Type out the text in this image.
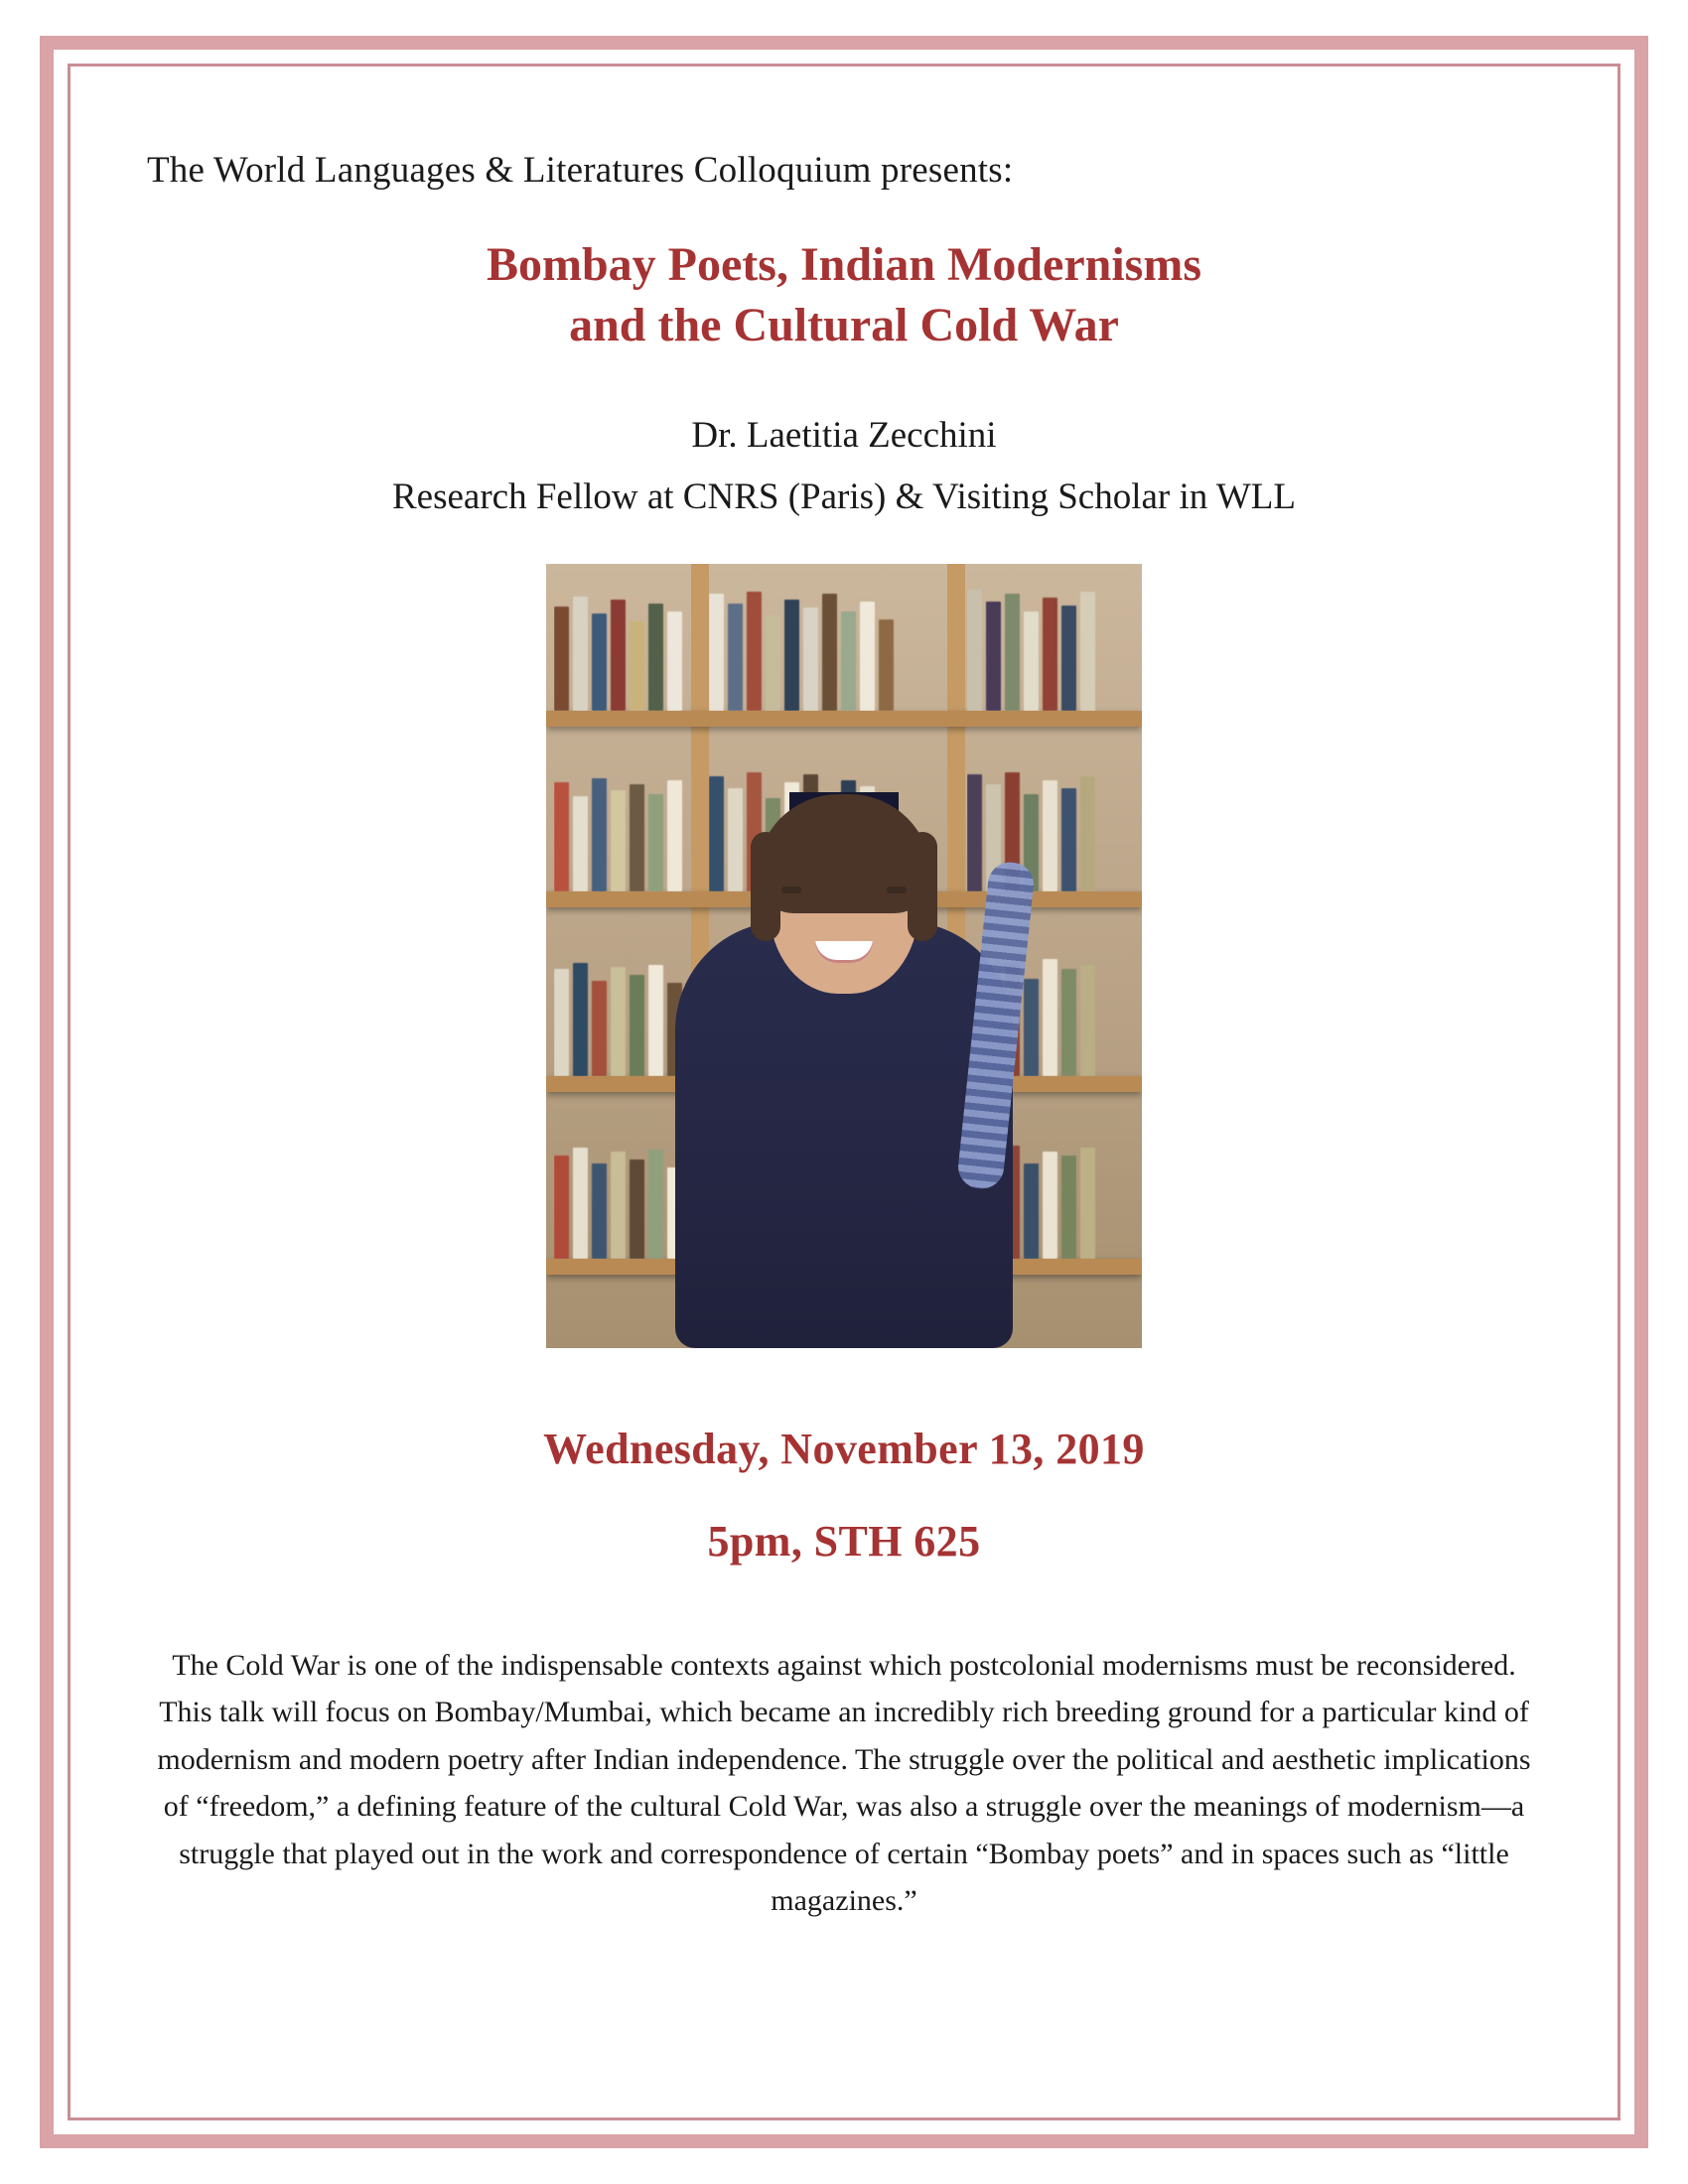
The World Languages & Literatures Colloquium presents:
Bombay Poets, Indian Modernisms
and the Cultural Cold War
Dr. Laetitia Zecchini
Research Fellow at CNRS (Paris) & Visiting Scholar in WLL
Wednesday, November 13, 2019
5pm, STH 625
The Cold War is one of the indispensable contexts against which postcolonial modernisms must be reconsidered. This talk will focus on Bombay/Mumbai, which became an incredibly rich breeding ground for a particular kind of modernism and modern poetry after Indian independence. The struggle over the political and aesthetic implications of “freedom,” a defining feature of the cultural Cold War, was also a struggle over the meanings of modernism—a struggle that played out in the work and correspondence of certain “Bombay poets” and in spaces such as “little magazines.”
